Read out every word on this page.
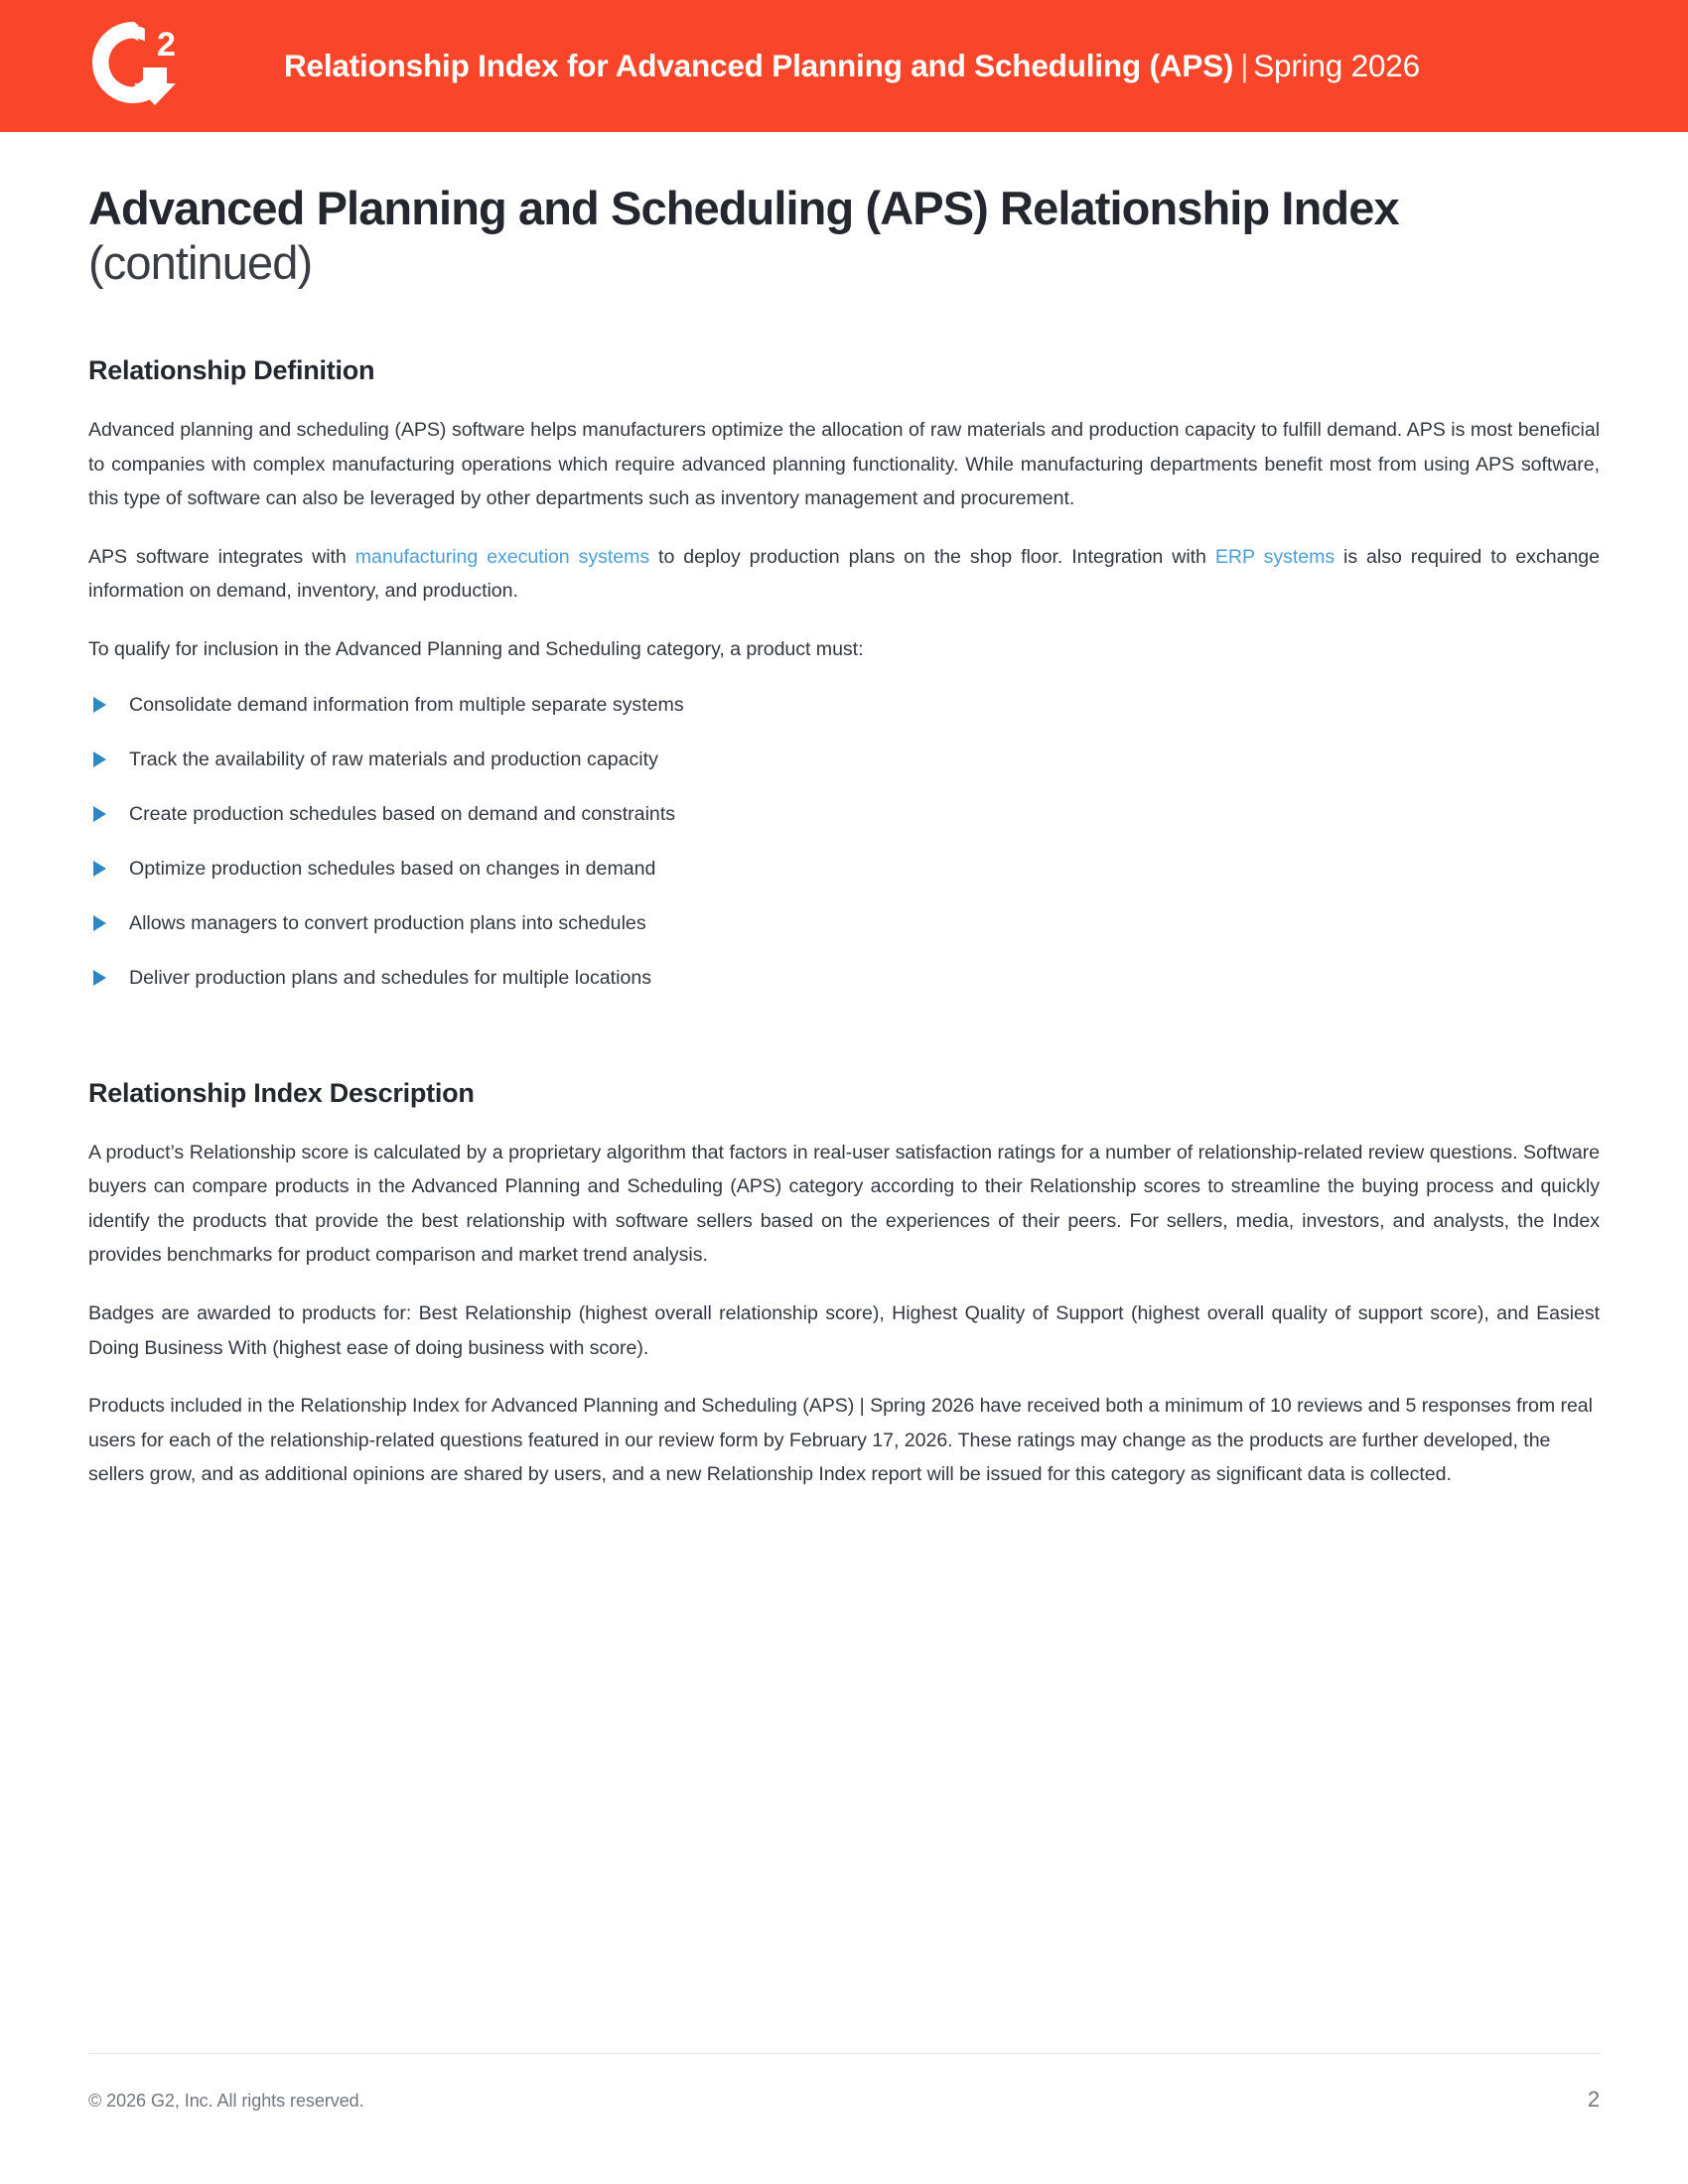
2
Relationship Index for Advanced Planning and Scheduling (APS) | Spring 2026
Advanced Planning and Scheduling (APS) Relationship Index (continued)
Relationship Definition

Advanced planning and scheduling (APS) software helps manufacturers optimize the allocation of raw materials and production capacity to fulfill demand. APS is most beneficial to companies with complex manufacturing operations which require advanced planning functionality. While manufacturing departments benefit most from using APS software, this type of software can also be leveraged by other departments such as inventory management and procurement.

APS software integrates with manufacturing execution systems to deploy production plans on the shop floor. Integration with ERP systems is also required to exchange information on demand, inventory, and production.

To qualify for inclusion in the Advanced Planning and Scheduling category, a product must:

Consolidate demand information from multiple separate systems
Track the availability of raw materials and production capacity
Create production schedules based on demand and constraints
Optimize production schedules based on changes in demand
Allows managers to convert production plans into schedules
Deliver production plans and schedules for multiple locations
Relationship Index Description

A product’s Relationship score is calculated by a proprietary algorithm that factors in real-user satisfaction ratings for a number of relationship-related review questions. Software buyers can compare products in the Advanced Planning and Scheduling (APS) category according to their Relationship scores to streamline the buying process and quickly identify the products that provide the best relationship with software sellers based on the experiences of their peers. For sellers, media, investors, and analysts, the Index provides benchmarks for product comparison and market trend analysis.

Badges are awarded to products for: Best Relationship (highest overall relationship score), Highest Quality of Support (highest overall quality of support score), and Easiest Doing Business With (highest ease of doing business with score).

Products included in the Relationship Index for Advanced Planning and Scheduling (APS) | Spring 2026 have received both a minimum of 10 reviews and 5 responses from real users for each of the relationship-related questions featured in our review form by February 17, 2026. These ratings may change as the products are further developed, the sellers grow, and as additional opinions are shared by users, and a new Relationship Index report will be issued for this category as significant data is collected.

© 2026 G2, Inc. All rights reserved.	2
